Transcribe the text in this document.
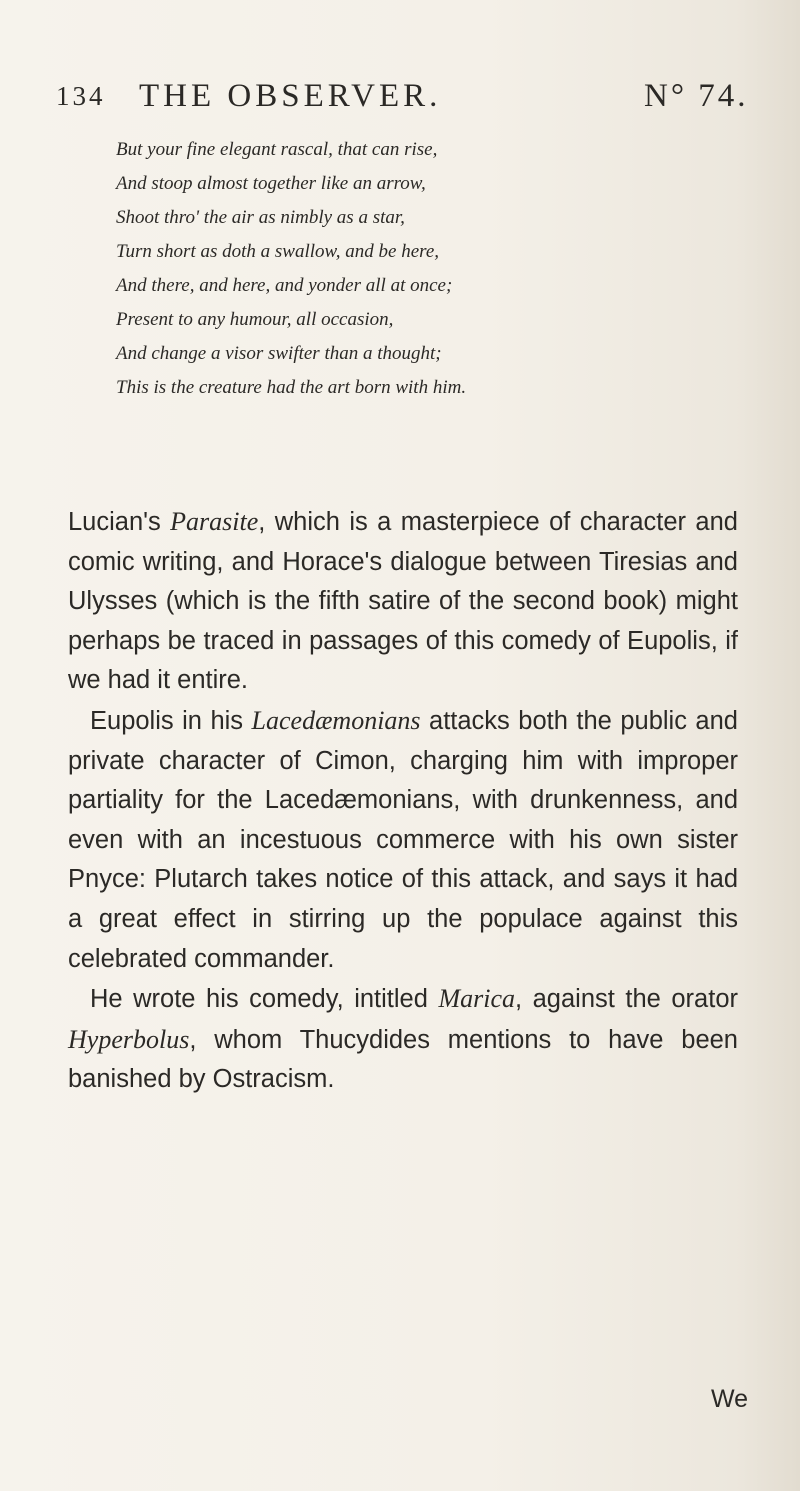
134 THE OBSERVER.	N° 74.
But your fine elegant rascal, that can rise,
And stoop almost together like an arrow,
Shoot thro' the air as nimbly as a star,
Turn short as doth a swallow, and be here,
And there, and here, and yonder all at once;
Present to any humour, all occasion,
And change a visor swifter than a thought;
This is the creature had the art born with him.

Lucian's Parasite, which is a masterpiece of character and comic writing, and Horace's dialogue between Tiresias and Ulysses (which is the fifth satire of the second book) might perhaps be traced in passages of this comedy of Eupolis, if we had it entire.

Eupolis in his Lacedæmonians attacks both the public and private character of Cimon, charging him with improper partiality for the Lacedæmonians, with drunkenness, and even with an incestuous commerce with his own sister Pnyce: Plutarch takes notice of this attack, and says it had a great effect in stirring up the populace against this celebrated commander.

He wrote his comedy, intitled Marica, against the orator Hyperbolus, whom Thucydides mentions to have been banished by Ostracism.

We
